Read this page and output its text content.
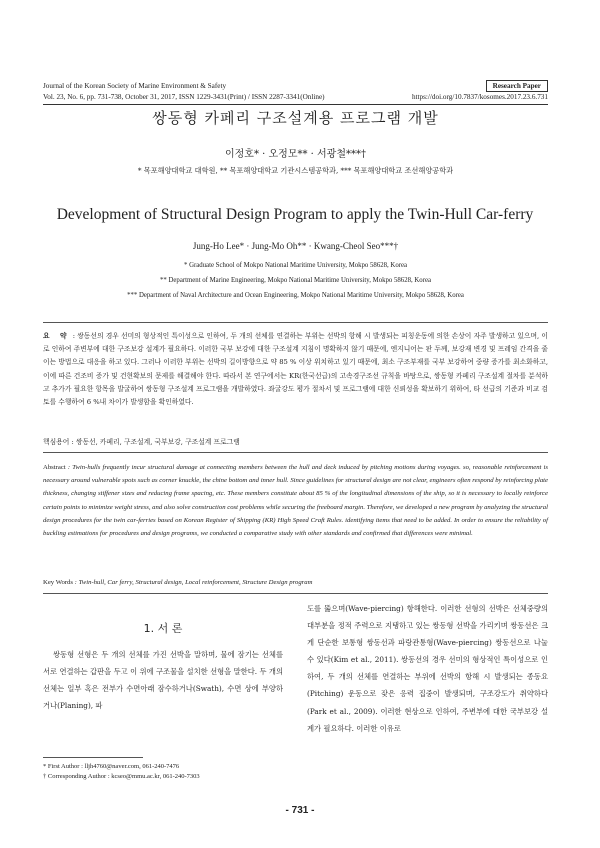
Journal of the Korean Society of Marine Environment & Safety	Research Paper
Vol. 23, No. 6, pp. 731-738, October 31, 2017, ISSN 1229-3431(Print) / ISSN 2287-3341(Online)	https://doi.org/10.7837/kosomes.2017.23.6.731
쌍동형 카페리 구조설계용 프로그램 개발
이정호* · 오정모** · 서광철***†
* 목포해양대학교 대학원, ** 목포해양대학교 기관시스템공학과, *** 목포해양대학교 조선해양공학과
Development of Structural Design Program to apply the Twin-Hull Car-ferry
Jung-Ho Lee* · Jung-Mo Oh** · Kwang-Cheol Seo***†
* Graduate School of Mokpo National Maritime University, Mokpo 58628, Korea
** Department of Marine Engineering, Mokpo National Maritime University, Mokpo 58628, Korea
*** Department of Naval Architecture and Ocean Engineering, Mokpo National Maritime University, Mokpo 58628, Korea
요 약 : 쌍동선의 경우 선미의 형상적인 특이성으로 인하여, 두 개의 선체를 연결하는 부위는 선박의 항해 시 발생되는 피칭운동에 의한 손상이 자주 발생하고 있으며, 이로 인하여 주변부에 대한 구조보강 설계가 필요하다. 이러한 국부 보강에 대한 구조설계 지침이 명확하지 않기 때문에, 엔지니어는 판 두께, 보강재 변경 및 프레임 간격을 줄이는 방법으로 대응을 하고 있다. 그러나 이러한 부위는 선박의 길이방향으로 약 85 % 이상 위치하고 있기 때문에, 최소 구조부재를 국부 보강하여 중량 증가를 최소화하고, 이에 따른 건조비 증가 및 건현확보의 문제를 해결해야 한다. 따라서 본 연구에서는 KR(한국선급)의 고속경구조선 규칙을 바탕으로, 쌍동형 카페리 구조설계 절차를 분석하고 추가가 필요한 항목을 발굴하여 쌍동형 구조설계 프로그램을 개발하였다. 좌굴강도 평가 절차서 및 프로그램에 대한 신뢰성을 확보하기 위하여, 타 선급의 기준과 비교 검토를 수행하여 6 %내 차이가 발생함을 확인하였다.
핵심용어 : 쌍동선, 카페리, 구조설계, 국부보강, 구조설계 프로그램
Abstract : Twin-hulls frequently incur structural damage at connecting members between the hull and deck induced by pitching motions during voyages. so, reasonable reinforcement is necessary around vulnerable spots such as corner knuckle, the chine bottom and inner hull. Since guidelines for structural design are not clear, engineers often respond by reinforcing plate thickness, changing stiffener sizes and reducing frame spacing, etc. These members constitute about 85 % of the longitudinal dimensions of the ship, so it is necessary to locally reinforce certain points to minimize weight stress, and also solve construction cost problems while securing the freeboard margin. Therefore, we developed a new program by analyzing the structural design procedures for the twin car-ferries based on Korean Register of Shipping (KR) High Speed Craft Rules. identifying items that need to be added. In order to ensure the reliability of buckling estimations for procedures and design programs, we conducted a comparative study with other standards and confirmed that differences were minimal.
Key Words : Twin-hull, Car ferry, Structural design, Local reinforcement, Structure Design program
1. 서 론
쌍동형 선형은 두 개의 선체를 가진 선박을 말하며, 물에 잠기는 선체를 서로 연결하는 갑판을 두고 이 위에 구조물을 설치한 선형을 말한다. 두 개의 선체는 일부 혹은 전부가 수면아래 잠수하거나(Swath), 수면 상에 부양하거나(Planing), 파
도를 뚫으며(Wave-piercing) 항해한다. 이러한 선형의 선박은 선체중량의 대부분을 정적 주력으로 지탱하고 있는 쌍동형 선박을 가리키며 쌍동선은 크게 단순한 보통형 쌍동선과 파랑관통형(Wave-piercing) 쌍동선으로 나눌 수 있다(Kim et al., 2011). 쌍동선의 경우 선미의 형상적인 특이성으로 인하여, 두 개의 선체를 연결하는 부위에 선박의 항해 시 발생되는 종동요(Pitching) 운동으로 잦은 응력 집중이 발생되며, 구조강도가 취약하다(Park et al., 2009). 이러한 현상으로 인하여, 주변부에 대한 국부보강 설계가 필요하다. 이러한 이유로
* First Author : lljh4760@naver.com, 061-240-7476
† Corresponding Author : kcseo@mmu.ac.kr, 061-240-7303
- 731 -
